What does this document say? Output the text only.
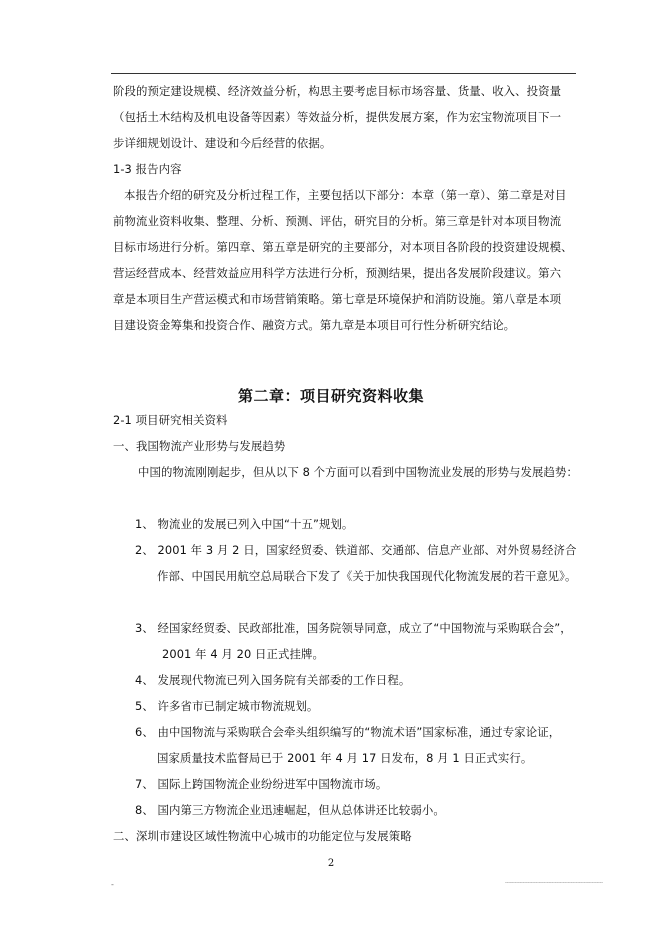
阶段的预定建设规模、经济效益分析，构思主要考虑目标市场容量、货量、收入、投资量
（包括土木结构及机电设备等因素）等效益分析，提供发展方案，作为宏宝物流项目下一
步详细规划设计、建设和今后经营的依据。
1-3 报告内容
本报告介绍的研究及分析过程工作，主要包括以下部分：本章（第一章）、第二章是对目
前物流业资料收集、整理、分析、预测、评估，研究目的分析。第三章是针对本项目物流
目标市场进行分析。第四章、第五章是研究的主要部分，对本项目各阶段的投资建设规模、
营运经营成本、经营效益应用科学方法进行分析，预测结果，提出各发展阶段建议。第六
章是本项目生产营运模式和市场营销策略。第七章是环境保护和消防设施。第八章是本项
目建设资金筹集和投资合作、融资方式。第九章是本项目可行性分析研究结论。
第二章：项目研究资料收集
2-1 项目研究相关资料
一、我国物流产业形势与发展趋势
中国的物流刚刚起步，但从以下 8 个方面可以看到中国物流业发展的形势与发展趋势：
1、 物流业的发展已列入中国“十五”规划。
2、 2001 年 3 月 2 日，国家经贸委、铁道部、交通部、信息产业部、对外贸易经济合
作部、中国民用航空总局联合下发了《关于加快我国现代化物流发展的若干意见》。
3、 经国家经贸委、民政部批准，国务院领导同意，成立了“中国物流与采购联合会”，
2001 年 4 月 20 日正式挂牌。
4、 发展现代物流已列入国务院有关部委的工作日程。
5、 许多省市已制定城市物流规划。
6、 由中国物流与采购联合会牵头组织编写的“物流术语”国家标准，通过专家论证，
国家质量技术监督局已于 2001 年 4 月 17 日发布，8 月 1 日正式实行。
7、 国际上跨国物流企业纷纷进军中国物流市场。
8、 国内第三方物流企业迅速崛起，但从总体讲还比较弱小。
二、深圳市建设区域性物流中心城市的功能定位与发展策略
2
-	-------------------------------------------------------------
